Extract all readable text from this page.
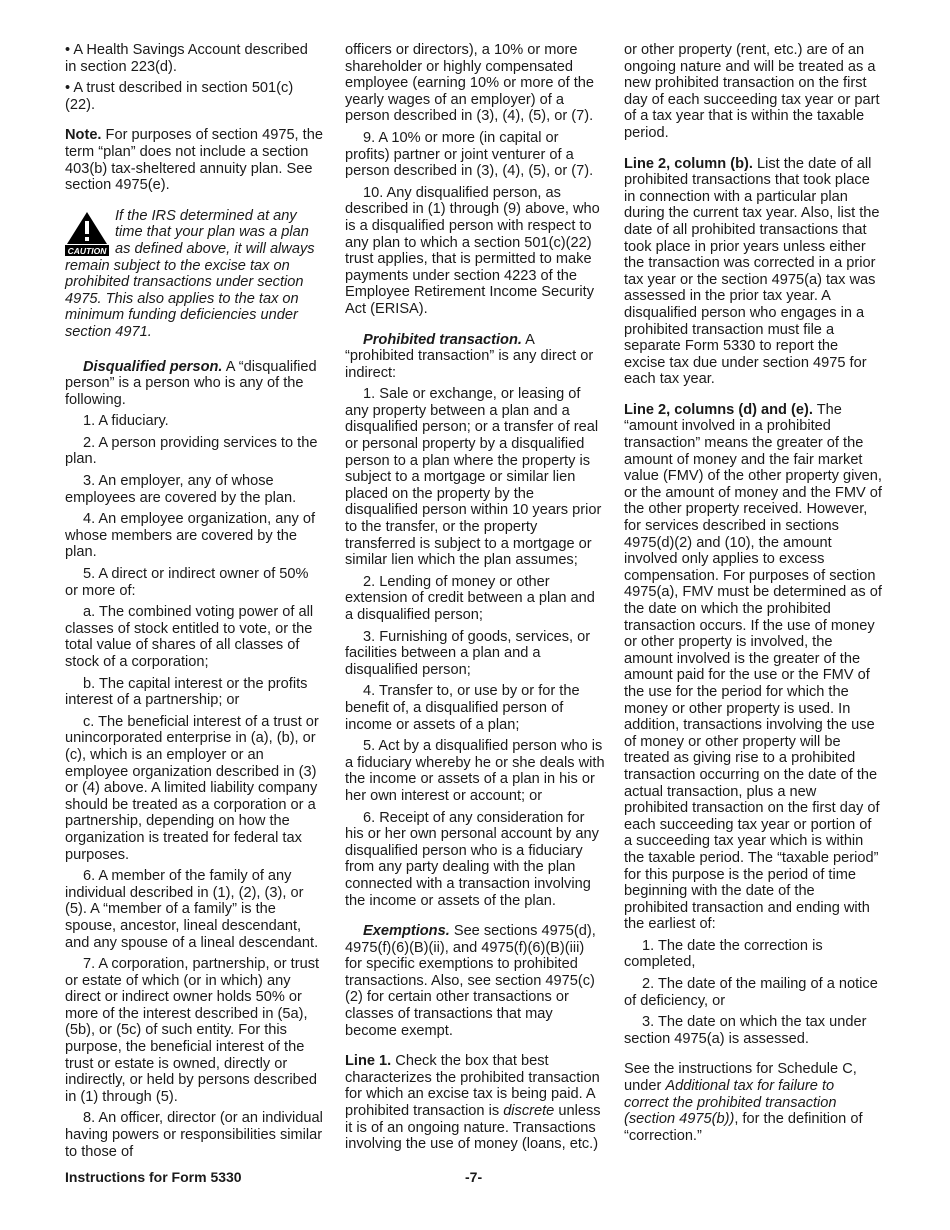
• A Health Savings Account described in section 223(d).

• A trust described in section 501(c)(22).

Note. For purposes of section 4975, the term “plan” does not include a section 403(b) tax-sheltered annuity plan. See section 4975(e).

CAUTION
If the IRS determined at any time that your plan was a plan as defined above, it will always remain subject to the excise tax on prohibited transactions under section 4975. This also applies to the tax on minimum funding deficiencies under section 4971.

Disqualified person. A “disqualified person” is a person who is any of the following.

1. A fiduciary.

2. A person providing services to the plan.

3. An employer, any of whose employees are covered by the plan.

4. An employee organization, any of whose members are covered by the plan.

5. A direct or indirect owner of 50% or more of:

a. The combined voting power of all classes of stock entitled to vote, or the total value of shares of all classes of stock of a corporation;

b. The capital interest or the profits interest of a partnership; or

c. The beneficial interest of a trust or unincorporated enterprise in (a), (b), or (c), which is an employer or an employee organization described in (3) or (4) above. A limited liability company should be treated as a corporation or a partnership, depending on how the organization is treated for federal tax purposes.

6. A member of the family of any individual described in (1), (2), (3), or (5). A “member of a family” is the spouse, ancestor, lineal descendant, and any spouse of a lineal descendant.

7. A corporation, partnership, or trust or estate of which (or in which) any direct or indirect owner holds 50% or more of the interest described in (5a), (5b), or (5c) of such entity. For this purpose, the beneficial interest of the trust or estate is owned, directly or indirectly, or held by persons described in (1) through (5).

8. An officer, director (or an individual having powers or responsibilities similar to those of

officers or directors), a 10% or more shareholder or highly compensated employee (earning 10% or more of the yearly wages of an employer) of a person described in (3), (4), (5), or (7).

9. A 10% or more (in capital or profits) partner or joint venturer of a person described in (3), (4), (5), or (7).

10. Any disqualified person, as described in (1) through (9) above, who is a disqualified person with respect to any plan to which a section 501(c)(22) trust applies, that is permitted to make payments under section 4223 of the Employee Retirement Income Security Act (ERISA).

Prohibited transaction. A “prohibited transaction” is any direct or indirect:

1. Sale or exchange, or leasing of any property between a plan and a disqualified person; or a transfer of real or personal property by a disqualified person to a plan where the property is subject to a mortgage or similar lien placed on the property by the disqualified person within 10 years prior to the transfer, or the property transferred is subject to a mortgage or similar lien which the plan assumes;

2. Lending of money or other extension of credit between a plan and a disqualified person;

3. Furnishing of goods, services, or facilities between a plan and a disqualified person;

4. Transfer to, or use by or for the benefit of, a disqualified person of income or assets of a plan;

5. Act by a disqualified person who is a fiduciary whereby he or she deals with the income or assets of a plan in his or her own interest or account; or

6. Receipt of any consideration for his or her own personal account by any disqualified person who is a fiduciary from any party dealing with the plan connected with a transaction involving the income or assets of the plan.

Exemptions. See sections 4975(d), 4975(f)(6)(B)(ii), and 4975(f)(6)(B)(iii) for specific exemptions to prohibited transactions. Also, see section 4975(c)(2) for certain other transactions or classes of transactions that may become exempt.

Line 1. Check the box that best characterizes the prohibited transaction for which an excise tax is being paid. A prohibited transaction is discrete unless it is of an ongoing nature. Transactions involving the use of money (loans, etc.)

or other property (rent, etc.) are of an ongoing nature and will be treated as a new prohibited transaction on the first day of each succeeding tax year or part of a tax year that is within the taxable period.

Line 2, column (b). List the date of all prohibited transactions that took place in connection with a particular plan during the current tax year. Also, list the date of all prohibited transactions that took place in prior years unless either the transaction was corrected in a prior tax year or the section 4975(a) tax was assessed in the prior tax year. A disqualified person who engages in a prohibited transaction must file a separate Form 5330 to report the excise tax due under section 4975 for each tax year.

Line 2, columns (d) and (e). The “amount involved in a prohibited transaction” means the greater of the amount of money and the fair market value (FMV) of the other property given, or the amount of money and the FMV of the other property received. However, for services described in sections 4975(d)(2) and (10), the amount involved only applies to excess compensation. For purposes of section 4975(a), FMV must be determined as of the date on which the prohibited transaction occurs. If the use of money or other property is involved, the amount involved is the greater of the amount paid for the use or the FMV of the use for the period for which the money or other property is used. In addition, transactions involving the use of money or other property will be treated as giving rise to a prohibited transaction occurring on the date of the actual transaction, plus a new prohibited transaction on the first day of each succeeding tax year or portion of a succeeding tax year which is within the taxable period. The “taxable period” for this purpose is the period of time beginning with the date of the prohibited transaction and ending with the earliest of:

1. The date the correction is completed,

2. The date of the mailing of a notice of deficiency, or

3. The date on which the tax under section 4975(a) is assessed.

See the instructions for Schedule C, under Additional tax for failure to correct the prohibited transaction (section 4975(b)), for the definition of “correction.”

Instructions for Form 5330	-7-
